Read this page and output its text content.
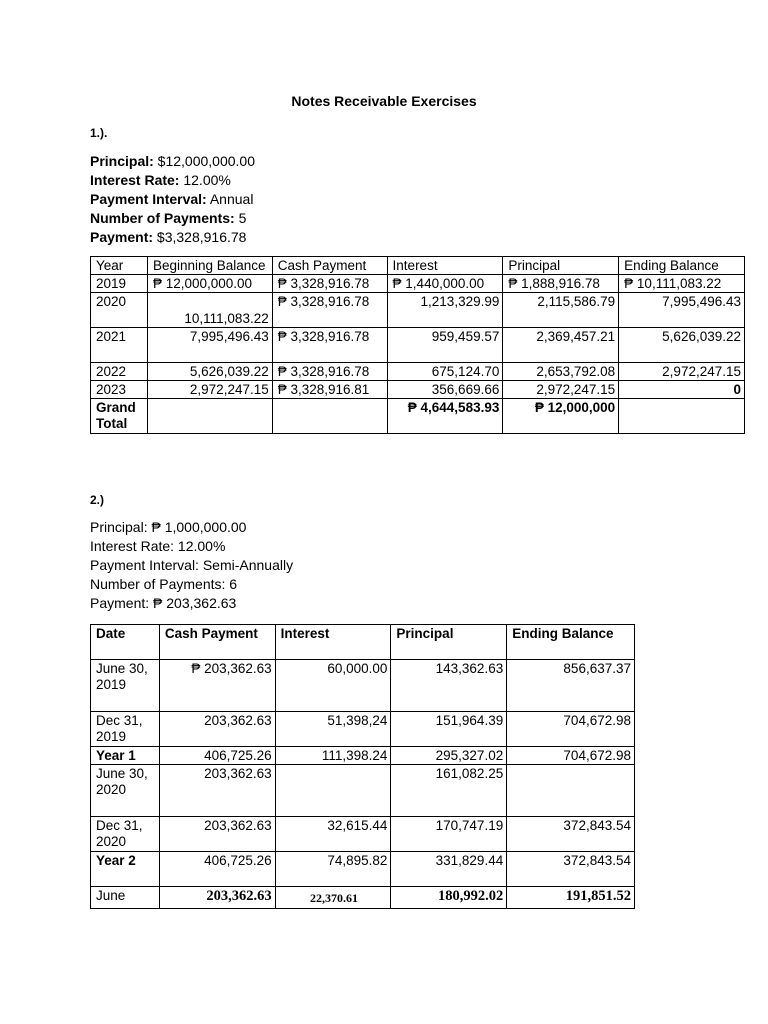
Notes Receivable Exercises
1.).
Principal: $12,000,000.00
Interest Rate: 12.00%
Payment Interval: Annual
Number of Payments: 5
Payment: $3,328,916.78
Year	Beginning Balance	Cash Payment	Interest	Principal	Ending Balance
2019	₱ 12,000,000.00	₱ 3,328,916.78	₱ 1,440,000.00	₱ 1,888,916.78	₱ 10,111,083.22
2020	10,111,083.22	₱ 3,328,916.78	1,213,329.99	2,115,586.79	7,995,496.43
2021	7,995,496.43	₱ 3,328,916.78	959,459.57	2,369,457.21	5,626,039.22
2022	5,626,039.22	₱ 3,328,916.78	675,124.70	2,653,792.08	2,972,247.15
2023	2,972,247.15	₱ 3,328,916.81	356,669.66	2,972,247.15	0
Grand Total			₱ 4,644,583.93	₱ 12,000,000	
2.)
Principal: ₱ 1,000,000.00
Interest Rate: 12.00%
Payment Interval: Semi-Annually
Number of Payments: 6
Payment: ₱ 203,362.63
Date	Cash Payment	Interest	Principal	Ending Balance
June 30, 2019	₱ 203,362.63	60,000.00	143,362.63	856,637.37
Dec 31, 2019	203,362.63	51,398,24	151,964.39	704,672.98
Year 1	406,725.26	111,398.24	295,327.02	704,672.98
June 30, 2020	203,362.63		161,082.25	
Dec 31, 2020	203,362.63	32,615.44	170,747.19	372,843.54
Year 2	406,725.26	74,895.82	331,829.44	372,843.54
June	203,362.63	22,370.61	180,992.02	191,851.52
